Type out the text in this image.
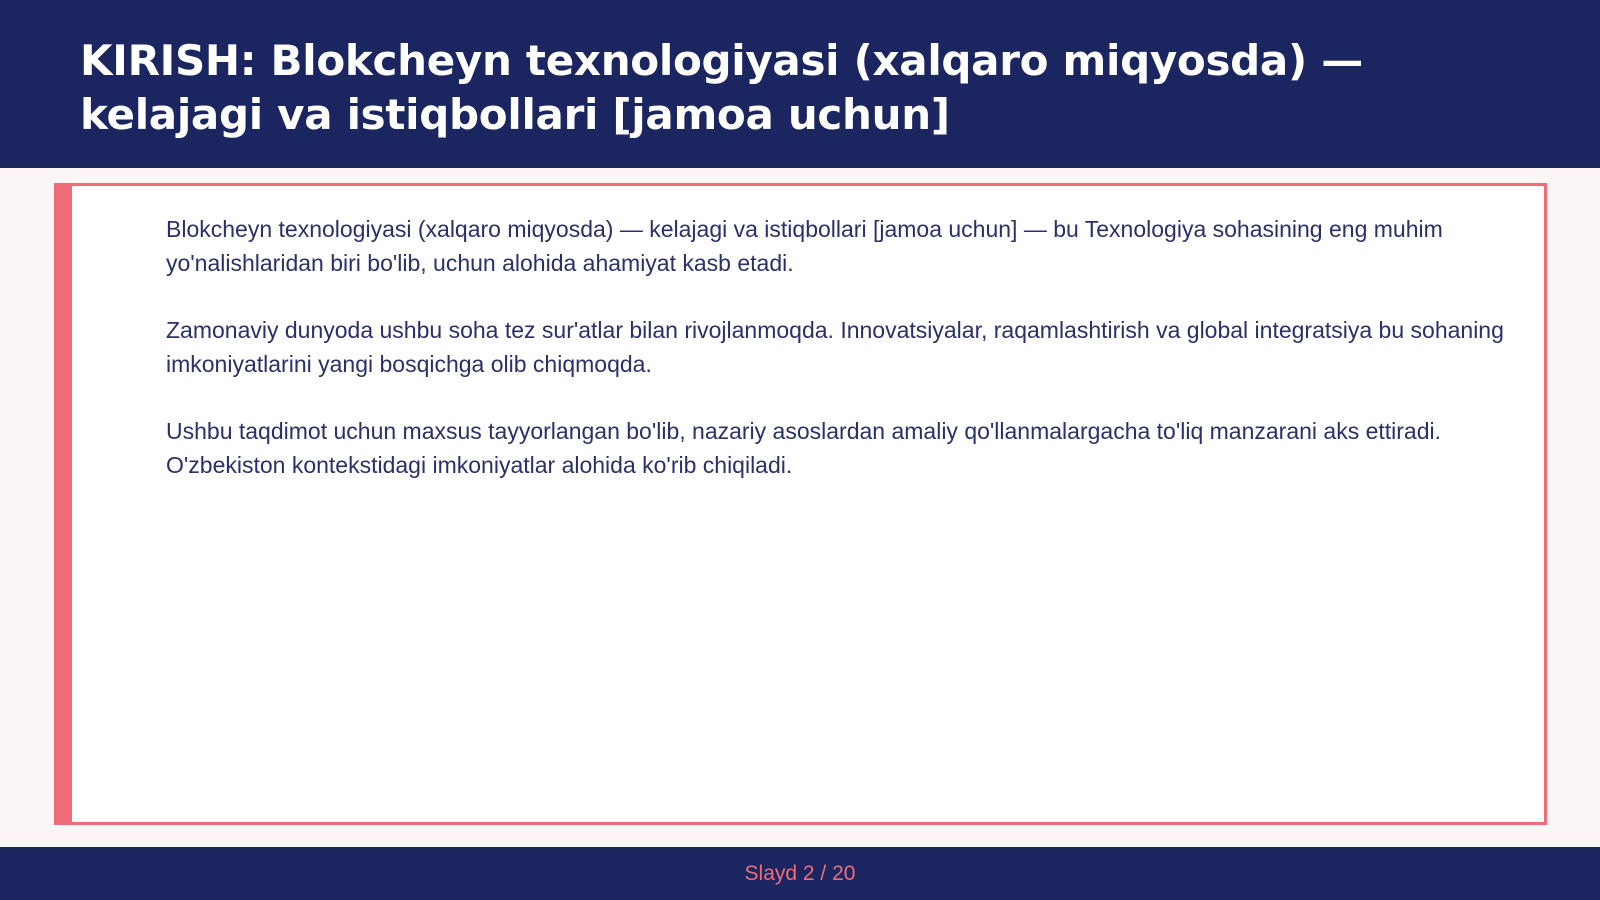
KIRISH: Blokcheyn texnologiyasi (xalqaro miqyosda) — kelajagi va istiqbollari [jamoa uchun]

Blokcheyn texnologiyasi (xalqaro miqyosda) — kelajagi va istiqbollari [jamoa uchun] — bu Texnologiya sohasining eng muhim yo'nalishlaridan biri bo'lib, uchun alohida ahamiyat kasb etadi.

Zamonaviy dunyoda ushbu soha tez sur'atlar bilan rivojlanmoqda. Innovatsiyalar, raqamlashtirish va global integratsiya bu sohaning imkoniyatlarini yangi bosqichga olib chiqmoqda.

Ushbu taqdimot uchun maxsus tayyorlangan bo'lib, nazariy asoslardan amaliy qo'llanmalargacha to'liq manzarani aks ettiradi. O'zbekiston kontekstidagi imkoniyatlar alohida ko'rib chiqiladi.

Slayd 2 / 20
